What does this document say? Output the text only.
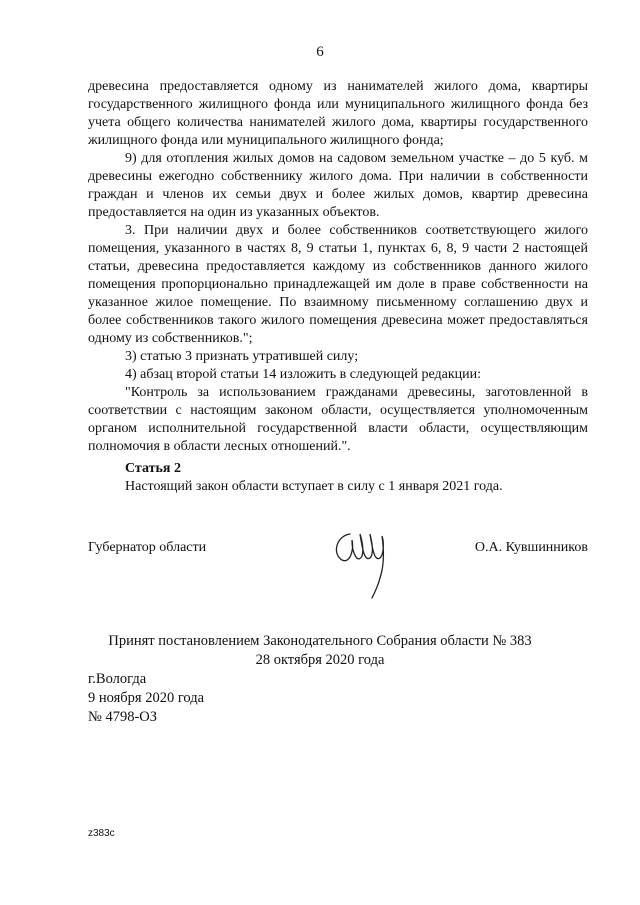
6

древесина предоставляется одному из нанимателей жилого дома, квартиры государственного жилищного фонда или муниципального жилищного фонда без учета общего количества нанимателей жилого дома, квартиры государственного жилищного фонда или муниципального жилищного фонда;

9) для отопления жилых домов на садовом земельном участке – до 5 куб. м древесины ежегодно собственнику жилого дома. При наличии в собственности граждан и членов их семьи двух и более жилых домов, квартир древесина предоставляется на один из указанных объектов.

3. При наличии двух и более собственников соответствующего жилого помещения, указанного в частях 8, 9 статьи 1, пунктах 6, 8, 9 части 2 настоящей статьи, древесина предоставляется каждому из собственников данного жилого помещения пропорционально принадлежащей им доле в праве собственности на указанное жилое помещение. По взаимному письменному соглашению двух и более собственников такого жилого помещения древесина может предоставляться одному из собственников.";

3) статью 3 признать утратившей силу;

4) абзац второй статьи 14 изложить в следующей редакции:

"Контроль за использованием гражданами древесины, заготовленной в соответствии с настоящим законом области, осуществляется уполномоченным органом исполнительной государственной власти области, осуществляющим полномочия в области лесных отношений.".

Статья 2
Настоящий закон области вступает в силу с 1 января 2021 года.
Губернатор области	О.А. Кувшинников
Принят постановлением Законодательного Собрания области № 383
28 октября 2020 года
г.Вологда
9 ноября 2020 года
№ 4798-ОЗ
z383c
